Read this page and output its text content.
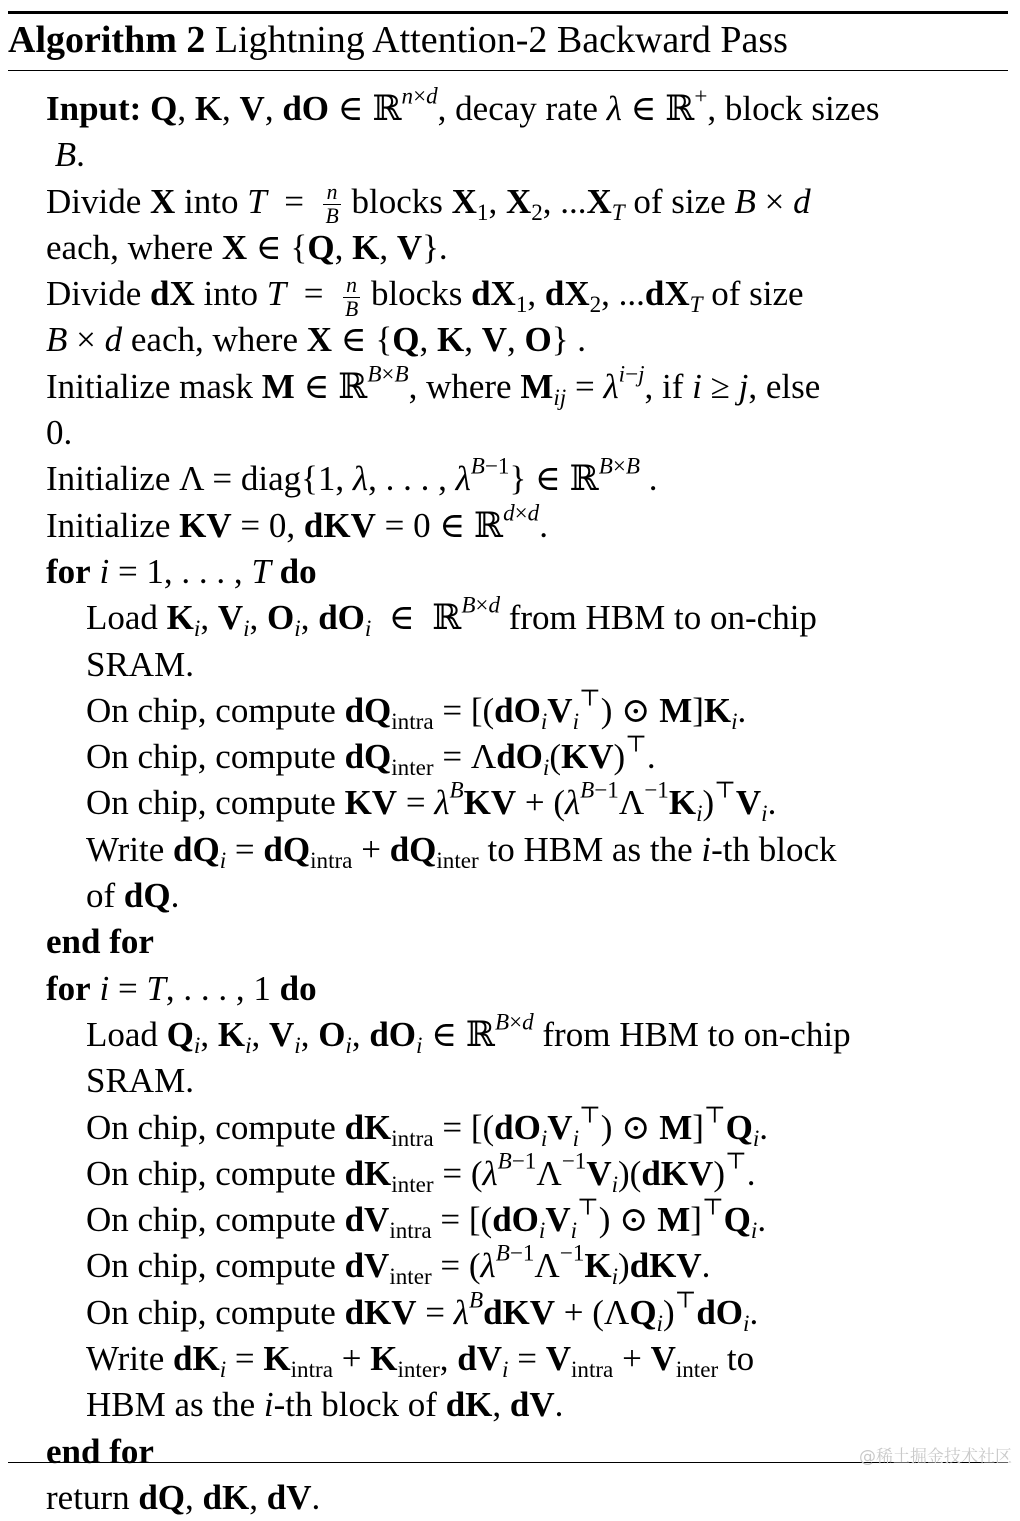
Algorithm 2 Lightning Attention-2 Backward Pass
Input: Q, K, V, dO ∈ ℝ$^{n\times d}$, decay rate λ ∈ ℝ+, block sizes
B.
Divide X into $T = \frac{n}{B}$ blocks $X_1$, $X_2$, $...X_T$ of size B × d
each, where X ∈ {Q, K, V}.
Divide dX into $T = \frac{n}{B}$ blocks $dX_1$, $dX_2$, $...dX_T$ of size
B × d each, where X ∈ {Q, K, V, O} .
Initialize mask M ∈ ℝ$^{B\times B}$, where $M_{ij} = \lambda^{i-j}$, if i ≥ j, else
0.
Initialize Λ = diag{1, λ, . . . , $\lambda^{B-1}$} ∈ ℝ$^{B\times B}$ .
Initialize KV = 0, dKV = 0 ∈ ℝ$^{d\times d}$.
for i = 1, . . . , T do
Load $K_i$, $V_i$, $O_i$, $dO_i$  ∈  ℝ$^{B\times d}$ from HBM to on-chip
SRAM.
On chip, compute $dQ_{intra} = [(dO_iV_i^⊤)$ ⊙ $M]K_i$.
On chip, compute $dQ_{inter} = \Lambda dO_i(KV)^⊤$.
On chip, compute KV = $\lambda^BKV + (\lambda^{B-1}\Lambda^{-1}K_i)^⊤V_i$.
Write $dQ_i = dQ_{intra} + dQ_{inter}$ to HBM as the i-th block
of dQ.
end for
for i = T, . . . , 1 do
Load $Q_i$, $K_i$, $V_i$, $O_i$, $dO_i$ ∈ ℝ$^{B\times d}$ from HBM to on-chip
SRAM.
On chip, compute $dK_{intra} = [(dO_iV_i^⊤)$ ⊙ $M]^⊤Q_i$.
On chip, compute $dK_{inter} = (\lambda^{B-1}\Lambda^{-1}V_i)(dKV)^⊤$.
On chip, compute $dV_{intra} = [(dO_iV_i^⊤)$ ⊙ $M]^⊤Q_i$.
On chip, compute $dV_{inter} = (\lambda^{B-1}\Lambda^{-1}K_i)dKV$.
On chip, compute dKV = $\lambda^BdKV + (\Lambda Q_i)^⊤dO_i$.
Write $dK_i = K_{intra} + K_{inter}$, $dV_i = V_{intra} + V_{inter}$ to
HBM as the i-th block of dK, dV.
end for
return dQ, dK, dV.
@稀土掘金技术社区
